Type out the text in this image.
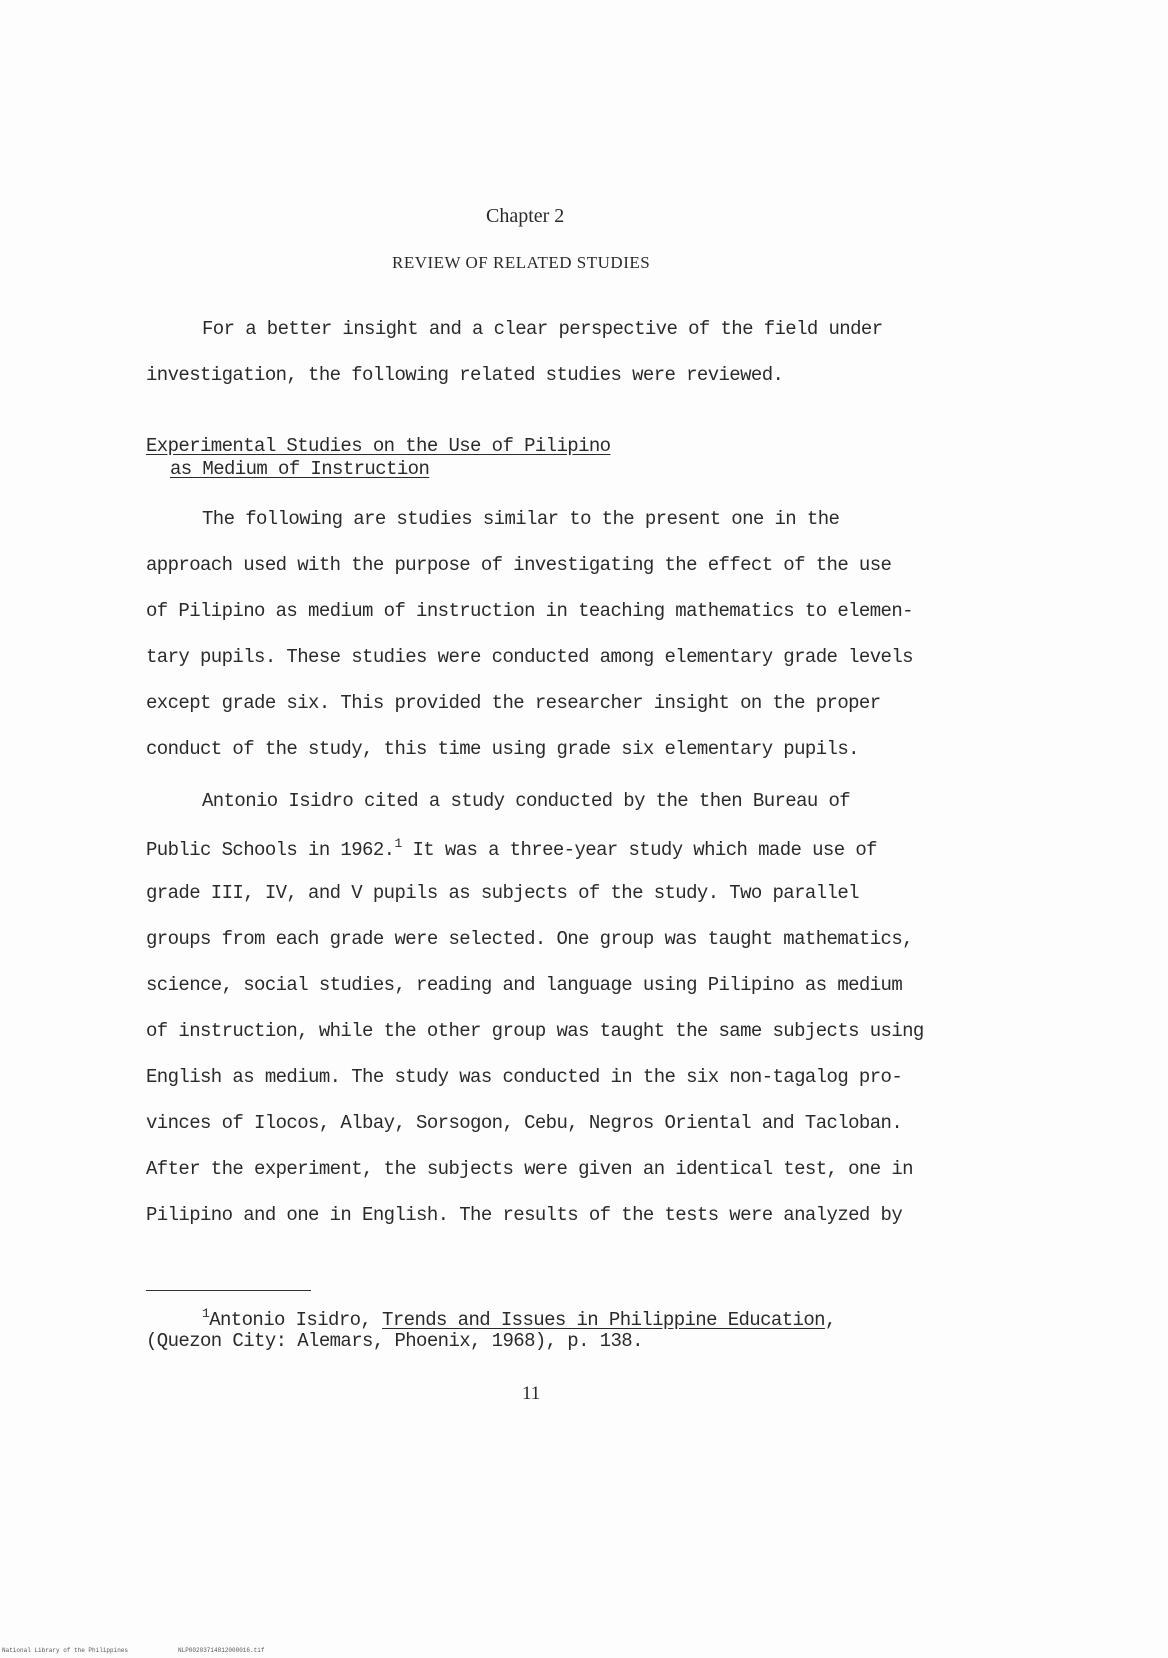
Chapter 2
REVIEW OF RELATED STUDIES
For a better insight and a clear perspective of the field under
investigation, the following related studies were reviewed.
Experimental Studies on the Use of Pilipino
as Medium of Instruction
The following are studies similar to the present one in the
approach used with the purpose of investigating the effect of the use
of Pilipino as medium of instruction in teaching mathematics to elemen-
tary pupils. These studies were conducted among elementary grade levels
except grade six. This provided the researcher insight on the proper
conduct of the study, this time using grade six elementary pupils.
Antonio Isidro cited a study conducted by the then Bureau of
Public Schools in 1962.$^1$ It was a three-year study which made use of
grade III, IV, and V pupils as subjects of the study. Two parallel
groups from each grade were selected. One group was taught mathematics,
science, social studies, reading and language using Pilipino as medium
of instruction, while the other group was taught the same subjects using
English as medium. The study was conducted in the six non-tagalog pro-
vinces of Ilocos, Albay, Sorsogon, Cebu, Negros Oriental and Tacloban.
After the experiment, the subjects were given an identical test, one in
Pilipino and one in English. The results of the tests were analyzed by
$^1$Antonio Isidro, Trends and Issues in Philippine Education,
(Quezon City: Alemars, Phoenix, 1968), p. 138.
11
National Library of the Philippines	NLP00203714812000016.tif
